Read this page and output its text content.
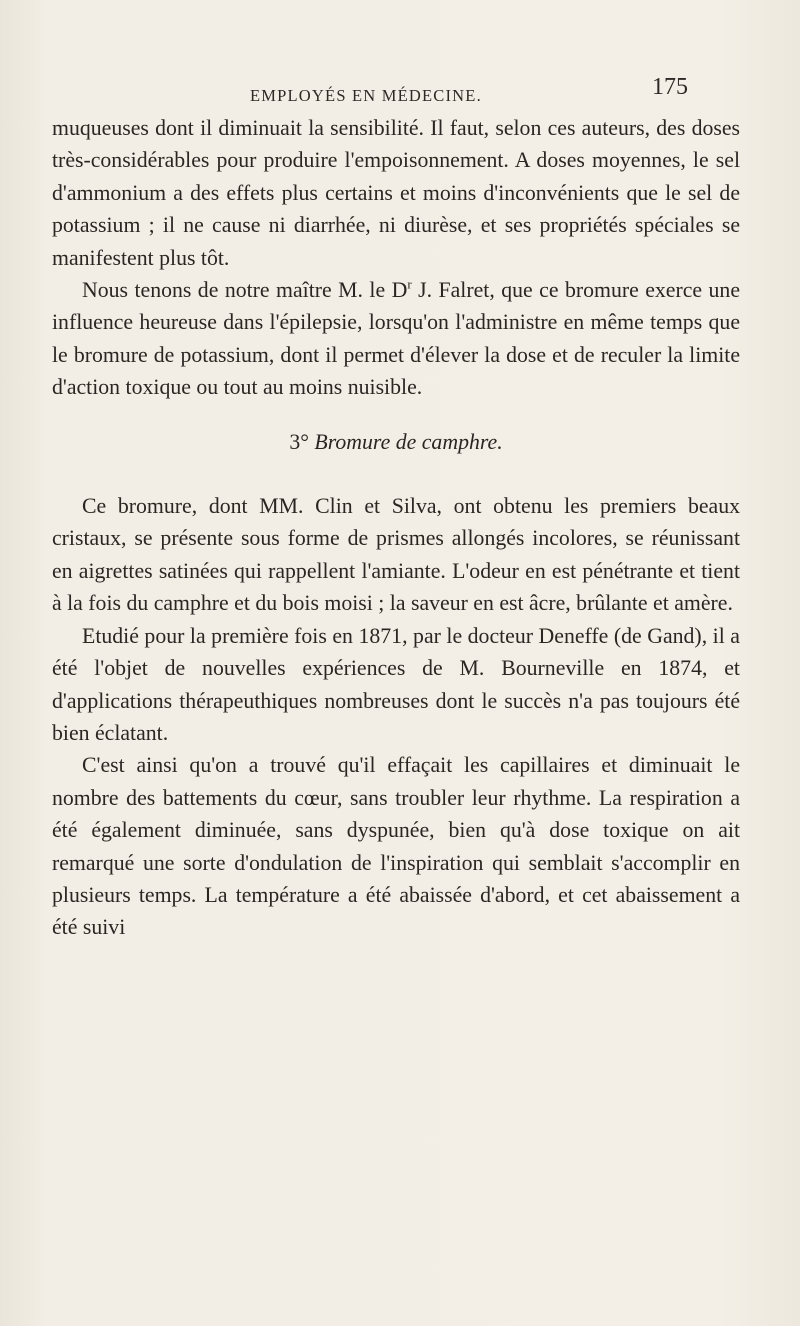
EMPLOYÉS EN MÉDECINE.	175

muqueuses dont il diminuait la sensibilité. Il faut, selon ces auteurs, des doses très-considérables pour produire l'empoisonnement. A doses moyennes, le sel d'ammonium a des effets plus certains et moins d'inconvénients que le sel de potassium ; il ne cause ni diarrhée, ni diurèse, et ses propriétés spéciales se manifestent plus tôt.

Nous tenons de notre maître M. le $D^r$ J. Falret, que ce bromure exerce une influence heureuse dans l'épilepsie, lorsqu'on l'administre en même temps que le bromure de potassium, dont il permet d'élever la dose et de reculer la limite d'action toxique ou tout au moins nuisible.

3° Bromure de camphre.

Ce bromure, dont MM. Clin et Silva, ont obtenu les premiers beaux cristaux, se présente sous forme de prismes allongés incolores, se réunissant en aigrettes satinées qui rappellent l'amiante. L'odeur en est pénétrante et tient à la fois du camphre et du bois moisi ; la saveur en est âcre, brûlante et amère.

Etudié pour la première fois en 1871, par le docteur Deneffe (de Gand), il a été l'objet de nouvelles expériences de M. Bourneville en 1874, et d'applications thérapeuthiques nombreuses dont le succès n'a pas toujours été bien éclatant.

C'est ainsi qu'on a trouvé qu'il effaçait les capillaires et diminuait le nombre des battements du cœur, sans troubler leur rhythme. La respiration a été également diminuée, sans dyspunée, bien qu'à dose toxique on ait remarqué une sorte d'ondulation de l'inspiration qui semblait s'accomplir en plusieurs temps. La température a été abaissée d'abord, et cet abaissement a été suivi
